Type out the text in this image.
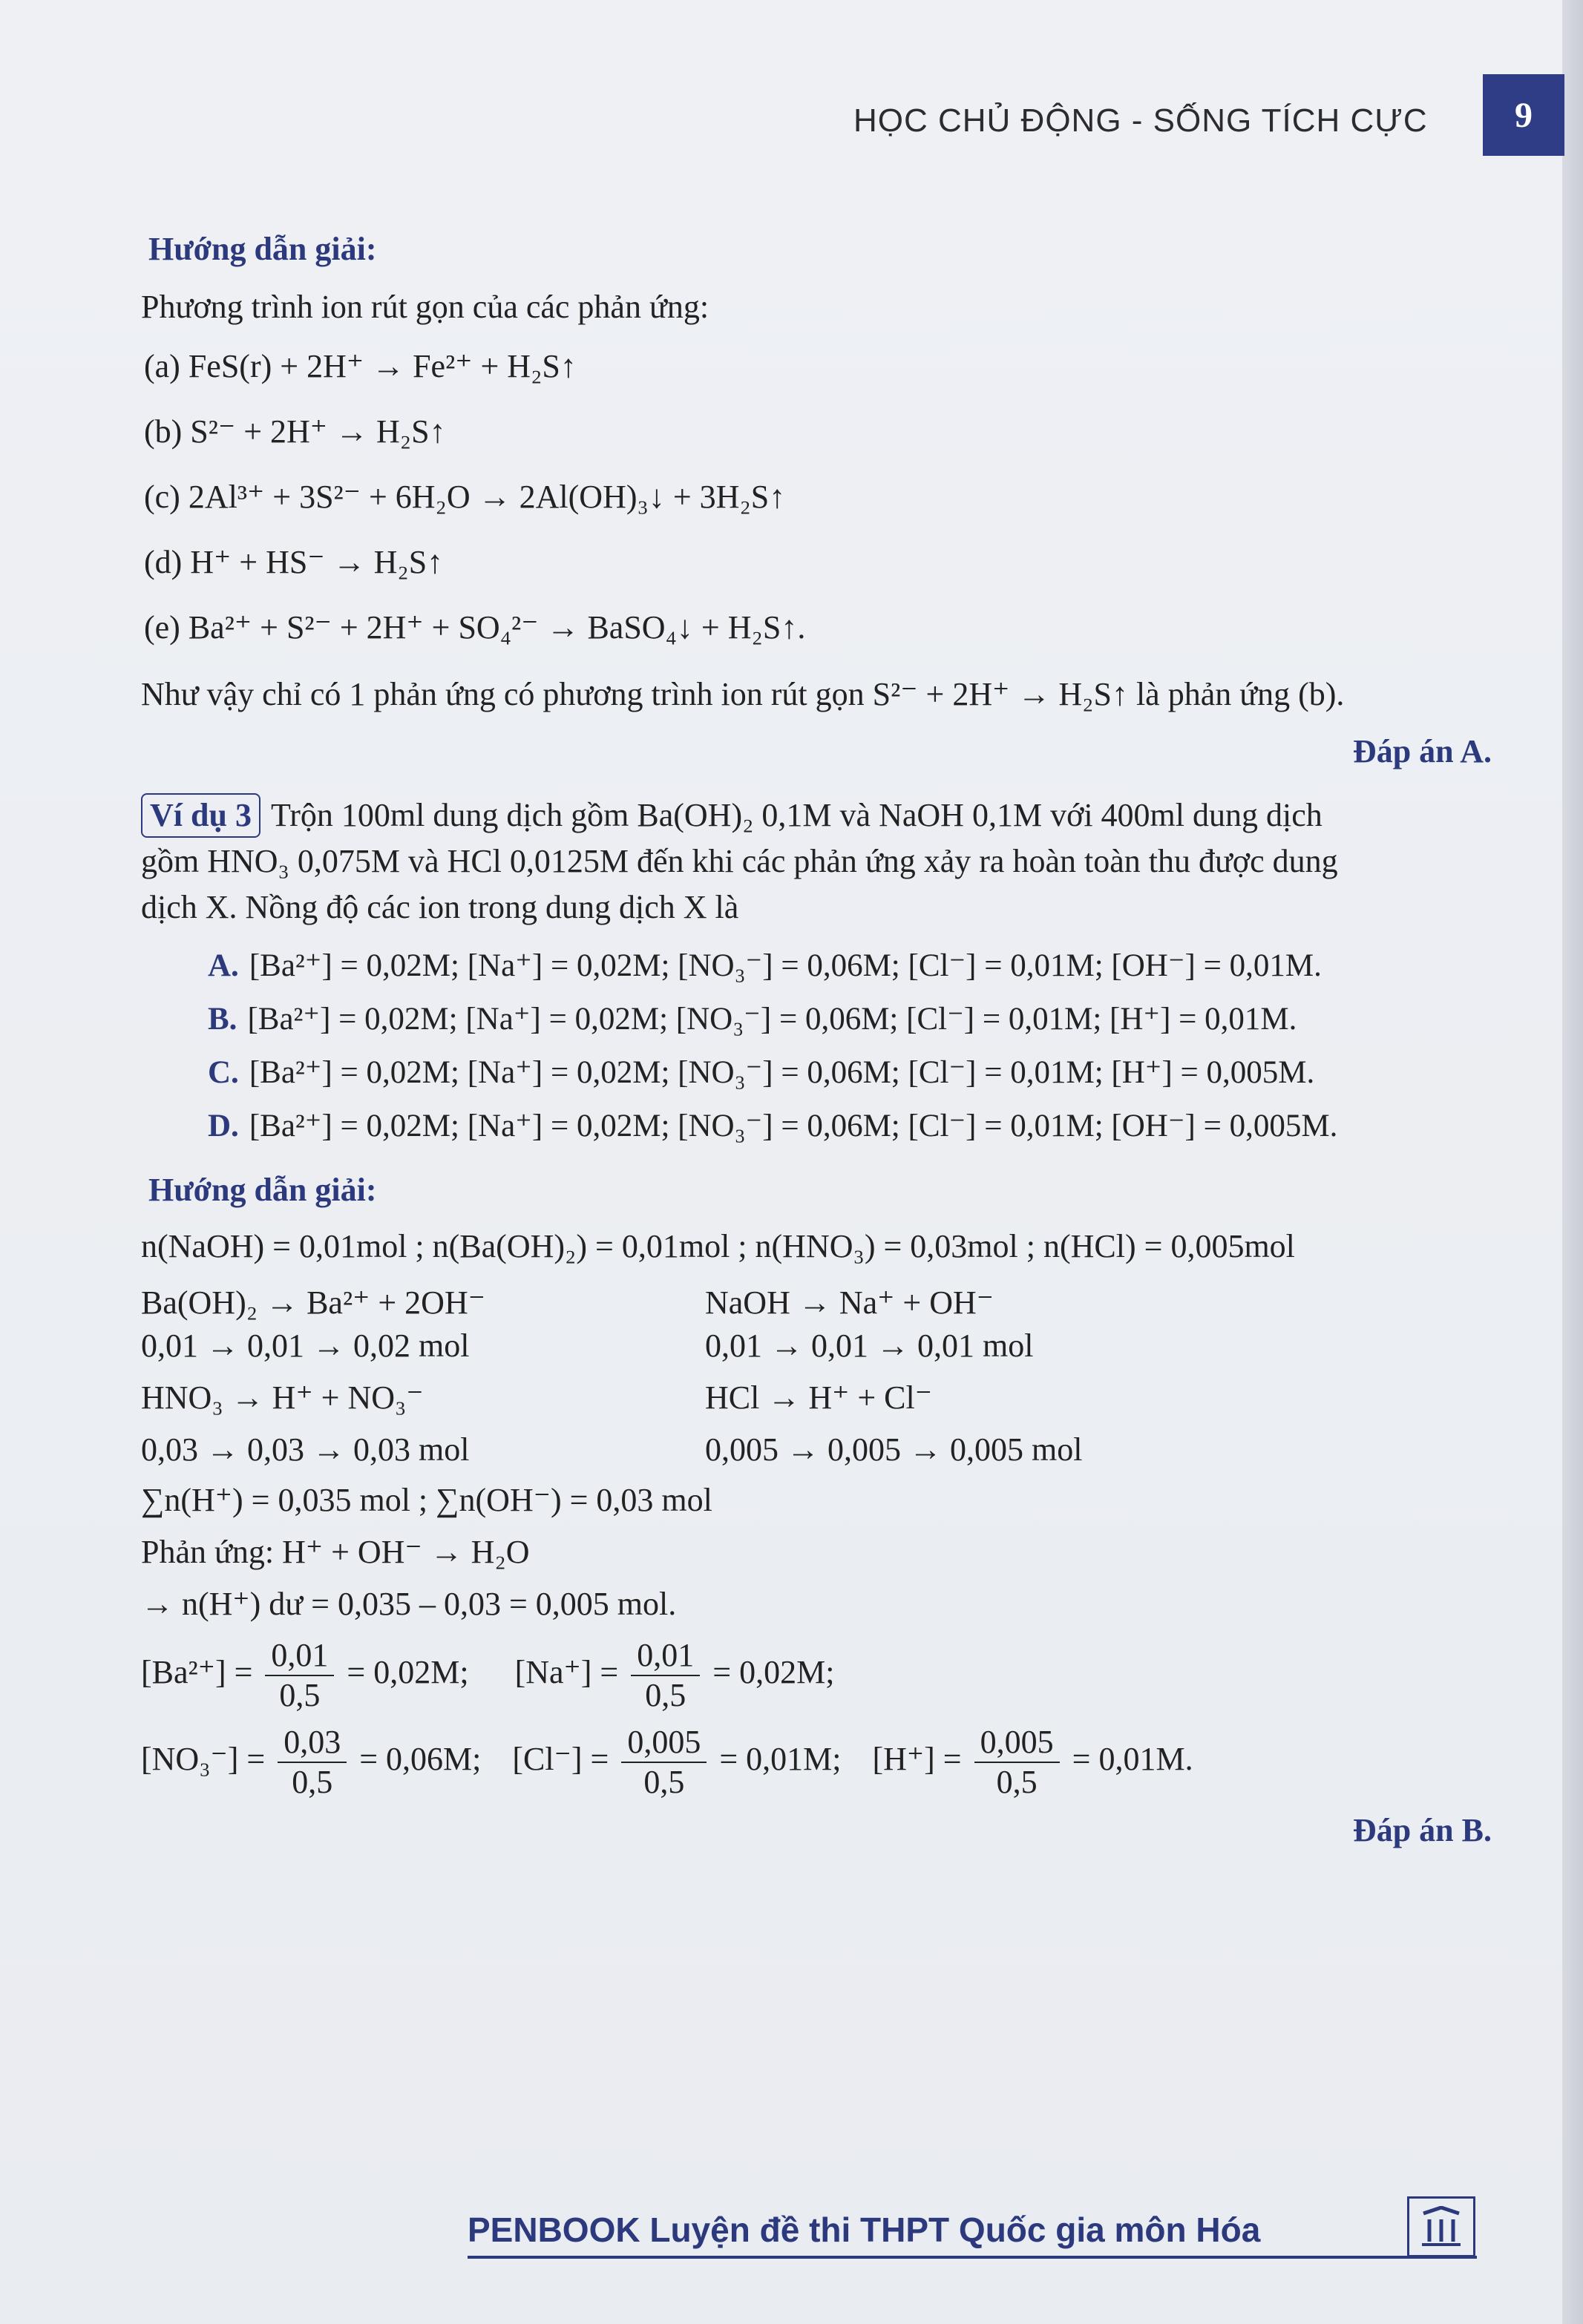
HỌC CHỦ ĐỘNG - SỐNG TÍCH CỰC	9
Hướng dẫn giải:
Phương trình ion rút gọn của các phản ứng:
(a) FeS(r) + 2H⁺ → Fe²⁺ + H₂S↑
(b) S²⁻ + 2H⁺ → H₂S↑
(c) 2Al³⁺ + 3S²⁻ + 6H₂O → 2Al(OH)₃↓ + 3H₂S↑
(d) H⁺ + HS⁻ → H₂S↑
(e) Ba²⁺ + S²⁻ + 2H⁺ + SO₄²⁻ → BaSO₄↓ + H₂S↑.
Như vậy chỉ có 1 phản ứng có phương trình ion rút gọn S²⁻ + 2H⁺ → H₂S↑ là phản ứng (b).
Đáp án A.
Ví dụ 3 Trộn 100ml dung dịch gồm Ba(OH)₂ 0,1M và NaOH 0,1M với 400ml dung dịch
gồm HNO₃ 0,075M và HCl 0,0125M đến khi các phản ứng xảy ra hoàn toàn thu được dung
dịch X. Nồng độ các ion trong dung dịch X là
A. [Ba²⁺] = 0,02M; [Na⁺] = 0,02M; [NO₃⁻] = 0,06M; [Cl⁻] = 0,01M; [OH⁻] = 0,01M.
B. [Ba²⁺] = 0,02M; [Na⁺] = 0,02M; [NO₃⁻] = 0,06M; [Cl⁻] = 0,01M; [H⁺] = 0,01M.
C. [Ba²⁺] = 0,02M; [Na⁺] = 0,02M; [NO₃⁻] = 0,06M; [Cl⁻] = 0,01M; [H⁺] = 0,005M.
D. [Ba²⁺] = 0,02M; [Na⁺] = 0,02M; [NO₃⁻] = 0,06M; [Cl⁻] = 0,01M; [OH⁻] = 0,005M.
Hướng dẫn giải:
n(NaOH) = 0,01mol ; n(Ba(OH)₂) = 0,01mol ; n(HNO₃) = 0,03mol ; n(HCl) = 0,005mol
Ba(OH)₂ → Ba²⁺ + 2OH⁻	NaOH → Na⁺ + OH⁻
0,01 → 0,01 → 0,02 mol	0,01 → 0,01 → 0,01 mol
HNO₃ → H⁺ + NO₃⁻	HCl → H⁺ + Cl⁻
0,03 → 0,03 → 0,03 mol	0,005 → 0,005 → 0,005 mol
∑n(H⁺) = 0,035 mol ; ∑n(OH⁻) = 0,03 mol
Phản ứng: H⁺ + OH⁻ → H₂O
→ n(H⁺) dư = 0,035 – 0,03 = 0,005 mol.
$[Ba^{2+}] = \frac{0,01}{0,5} = 0,02M$; $[Na^+] = \frac{0,01}{0,5} = 0,02M$;
$[NO_3^-] = \frac{0,03}{0,5} = 0,06M$; $[Cl^-] = \frac{0,005}{0,5} = 0,01M$; $[H^+] = \frac{0,005}{0,5} = 0,01M$.
Đáp án B.
PENBOOK Luyện đề thi THPT Quốc gia môn Hóa
